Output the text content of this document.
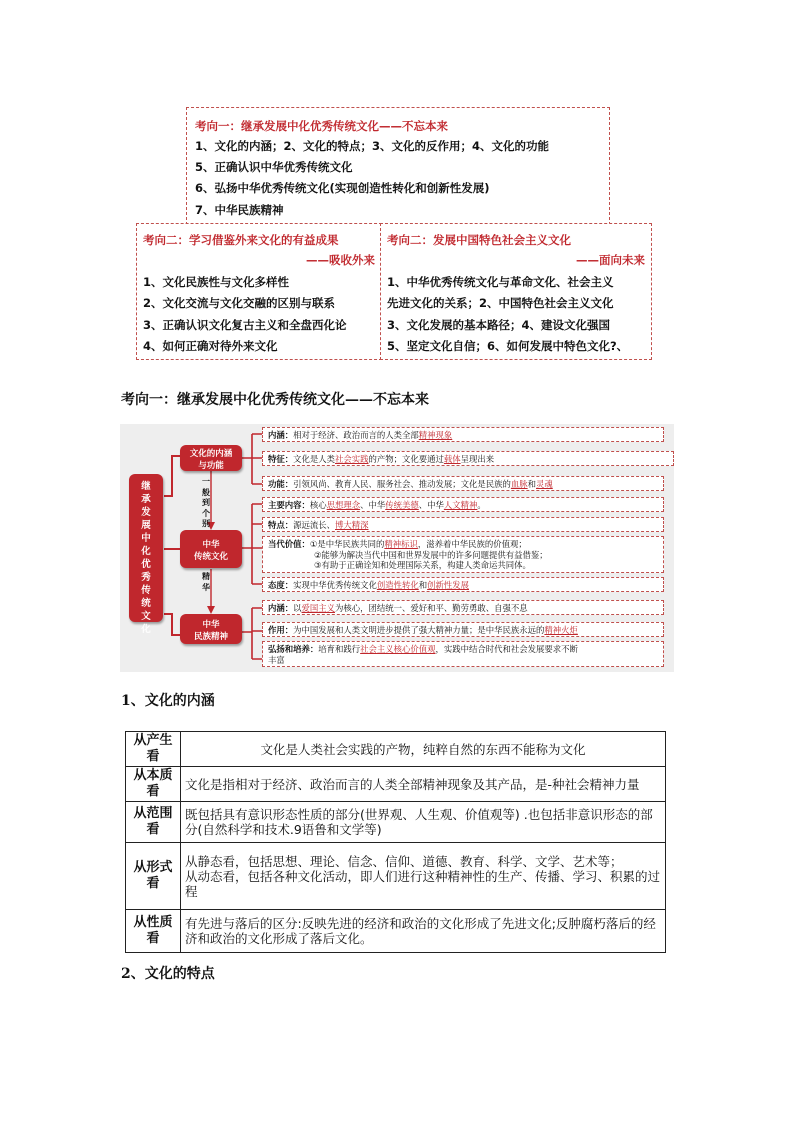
考向一：继承发展中化优秀传统文化——不忘本来
1、文化的内涵；2、文化的特点；3、文化的反作用；4、文化的功能
5、正确认识中华优秀传统文化
6、弘扬中华优秀传统文化(实现创造性转化和创新性发展)
7、中华民族精神
考向二：学习借鉴外来文化的有益成果
——吸收外来
1、文化民族性与文化多样性
2、文化交流与文化交融的区别与联系
3、正确认识文化复古主义和全盘西化论
4、如何正确对待外来文化
考向二：发展中国特色社会主义文化
——面向未来
1、中华优秀传统文化与革命文化、社会主义
先进文化的关系；2、中国特色社会主义文化
3、文化发展的基本路径；4、建设文化强国
5、坚定文化自信；6、如何发展中特色文化?、
考向一：继承发展中化优秀传统文化——不忘本来
继承发展中化优秀传统文化
文化的内涵
与功能
中华
传统文化
中华
民族精神
一般到个别
精华
内涵：相对于经济、政治而言的人类全部精神现象
特征：文化是人类社会实践的产物；文化要通过载体呈现出来
功能：引领风尚、教育人民、服务社会、推动发展；文化是民族的血脉和灵魂
主要内容：核心思想理念、中华传统美德、中华人文精神。
特点：源远流长、博大精深
当代价值：①是中华民族共同的精神标识，滋养着中华民族的价值观；
②能够为解决当代中国和世界发展中的许多问题提供有益借鉴；
③有助于正确诠知和处理国际关系，构建人类命运共同体。
态度：实现中华优秀传统文化创造性转化和创新性发展
内涵：以爱国主义为核心，团结统一、爱好和平、勤劳勇敢、自强不息
作用：为中国发展和人类文明进步提供了强大精神力量；是中华民族永远的精神火炬
弘扬和培养：培育和践行社会主义核心价值观，实践中结合时代和社会发展要求不断
丰富
1、文化的内涵
从产生看	文化是人类社会实践的产物，纯粹自然的东西不能称为文化
从本质看	文化是指相对于经济、政治而言的人类全部精神现象及其产品，是-种社会精神力量
从范围看	既包括具有意识形态性质的部分(世界观、人生观、价值观等) .也包括非意识形态的部分(自然科学和技术.9语鲁和文学等)
从形式看	从静态看，包括思想、理论、信念、信仰、道德、教育、科学、文学、艺术等；
从动态看，包括各种文化活动，即人们进行这种精神性的生产、传播、学习、积累的过程

从性质看	有先进与落后的区分:反映先进的经济和政治的文化形成了先进文化;反肿腐朽落后的经济和政治的文化形成了落后文化。
2、文化的特点
